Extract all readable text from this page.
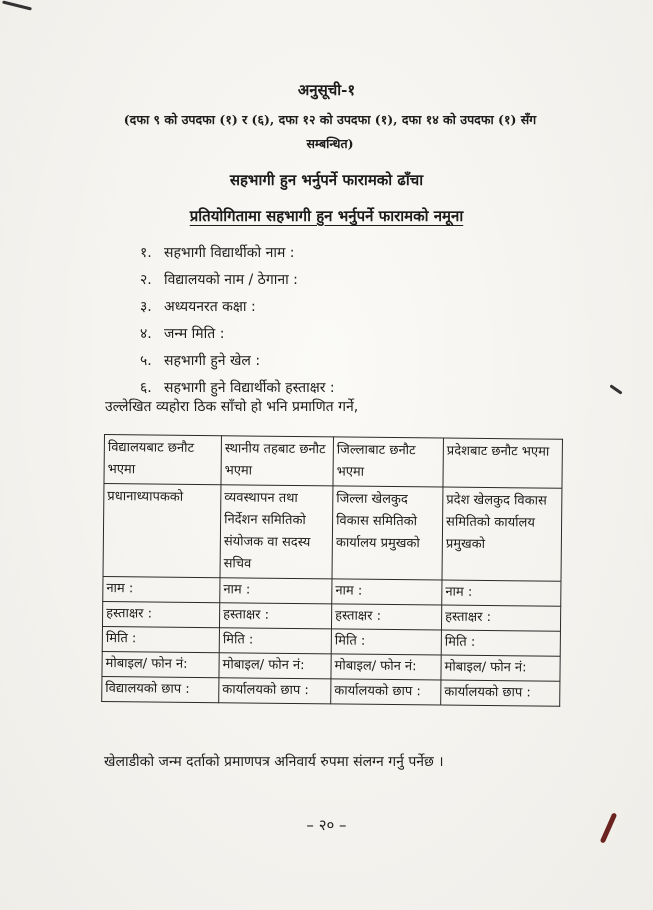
अनुसूची-१
(दफा ९ को उपदफा (१) र (६), दफा १२ को उपदफा (१), दफा १४ को उपदफा (१) सँग सम्बन्धित)
सहभागी हुन भर्नुपर्ने फारामको ढाँचा
प्रतियोगितामा सहभागी हुन भर्नुपर्ने फारामको नमूना
१. सहभागी विद्यार्थीको नाम :
२. विद्यालयको नाम / ठेगाना :
३. अध्ययनरत कक्षा :
४. जन्म मिति :
५. सहभागी हुने खेल :
६. सहभागी हुने विद्यार्थीको हस्ताक्षर :
उल्लेखित व्यहोरा ठिक साँचो हो भनि प्रमाणित गर्ने,
विद्यालयबाट छनौट भएमा	स्थानीय तहबाट छनौट भएमा	जिल्लाबाट छनौट भएमा	प्रदेशबाट छनौट भएमा
प्रधानाध्यापकको	व्यवस्थापन तथा निर्देशन समितिको संयोजक वा सदस्य सचिव	जिल्ला खेलकुद विकास समितिको कार्यालय प्रमुखको	प्रदेश खेलकुद विकास समितिको कार्यालय प्रमुखको
नाम :	नाम :	नाम :	नाम :
हस्ताक्षर :	हस्ताक्षर :	हस्ताक्षर :	हस्ताक्षर :
मिति :	मिति :	मिति :	मिति :
मोबाइल/ फोन नं:	मोबाइल/ फोन नं:	मोबाइल/ फोन नं:	मोबाइल/ फोन नं:
विद्यालयको छाप :	कार्यालयको छाप :	कार्यालयको छाप :	कार्यालयको छाप :
खेलाडीको जन्म दर्ताको प्रमाणपत्र अनिवार्य रुपमा संलग्न गर्नु पर्नेछ ।
– २० –
